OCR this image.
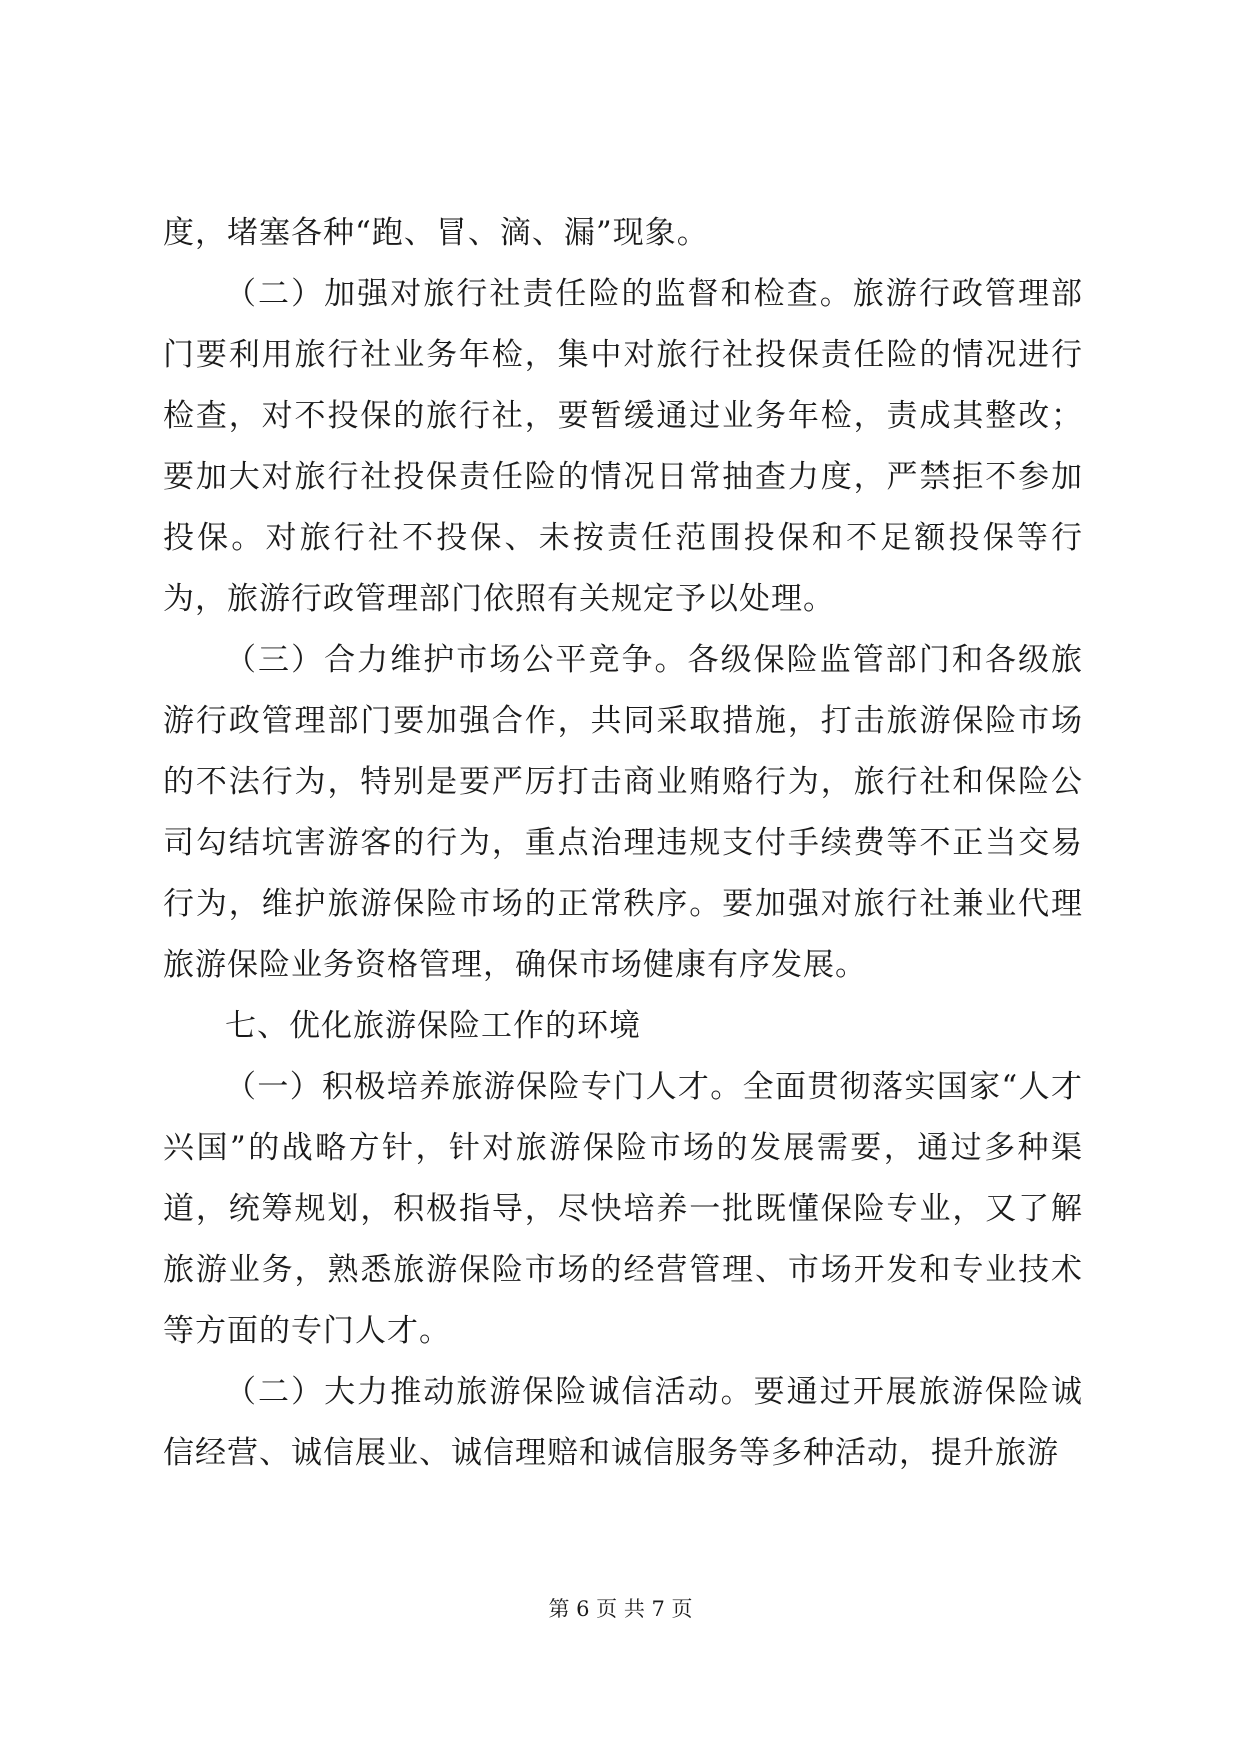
度，堵塞各种“跑、冒、滴、漏”现象。

（二）加强对旅行社责任险的监督和检查。旅游行政管理部门要利用旅行社业务年检，集中对旅行社投保责任险的情况进行检查，对不投保的旅行社，要暂缓通过业务年检，责成其整改；要加大对旅行社投保责任险的情况日常抽查力度，严禁拒不参加投保。对旅行社不投保、未按责任范围投保和不足额投保等行为，旅游行政管理部门依照有关规定予以处理。

（三）合力维护市场公平竞争。各级保险监管部门和各级旅游行政管理部门要加强合作，共同采取措施，打击旅游保险市场的不法行为，特别是要严厉打击商业贿赂行为，旅行社和保险公司勾结坑害游客的行为，重点治理违规支付手续费等不正当交易行为，维护旅游保险市场的正常秩序。要加强对旅行社兼业代理旅游保险业务资格管理，确保市场健康有序发展。

七、优化旅游保险工作的环境

（一）积极培养旅游保险专门人才。全面贯彻落实国家“人才兴国”的战略方针，针对旅游保险市场的发展需要，通过多种渠道，统筹规划，积极指导，尽快培养一批既懂保险专业，又了解旅游业务，熟悉旅游保险市场的经营管理、市场开发和专业技术等方面的专门人才。

（二）大力推动旅游保险诚信活动。要通过开展旅游保险诚信经营、诚信展业、诚信理赔和诚信服务等多种活动，提升旅游

第 6 页 共 7 页
